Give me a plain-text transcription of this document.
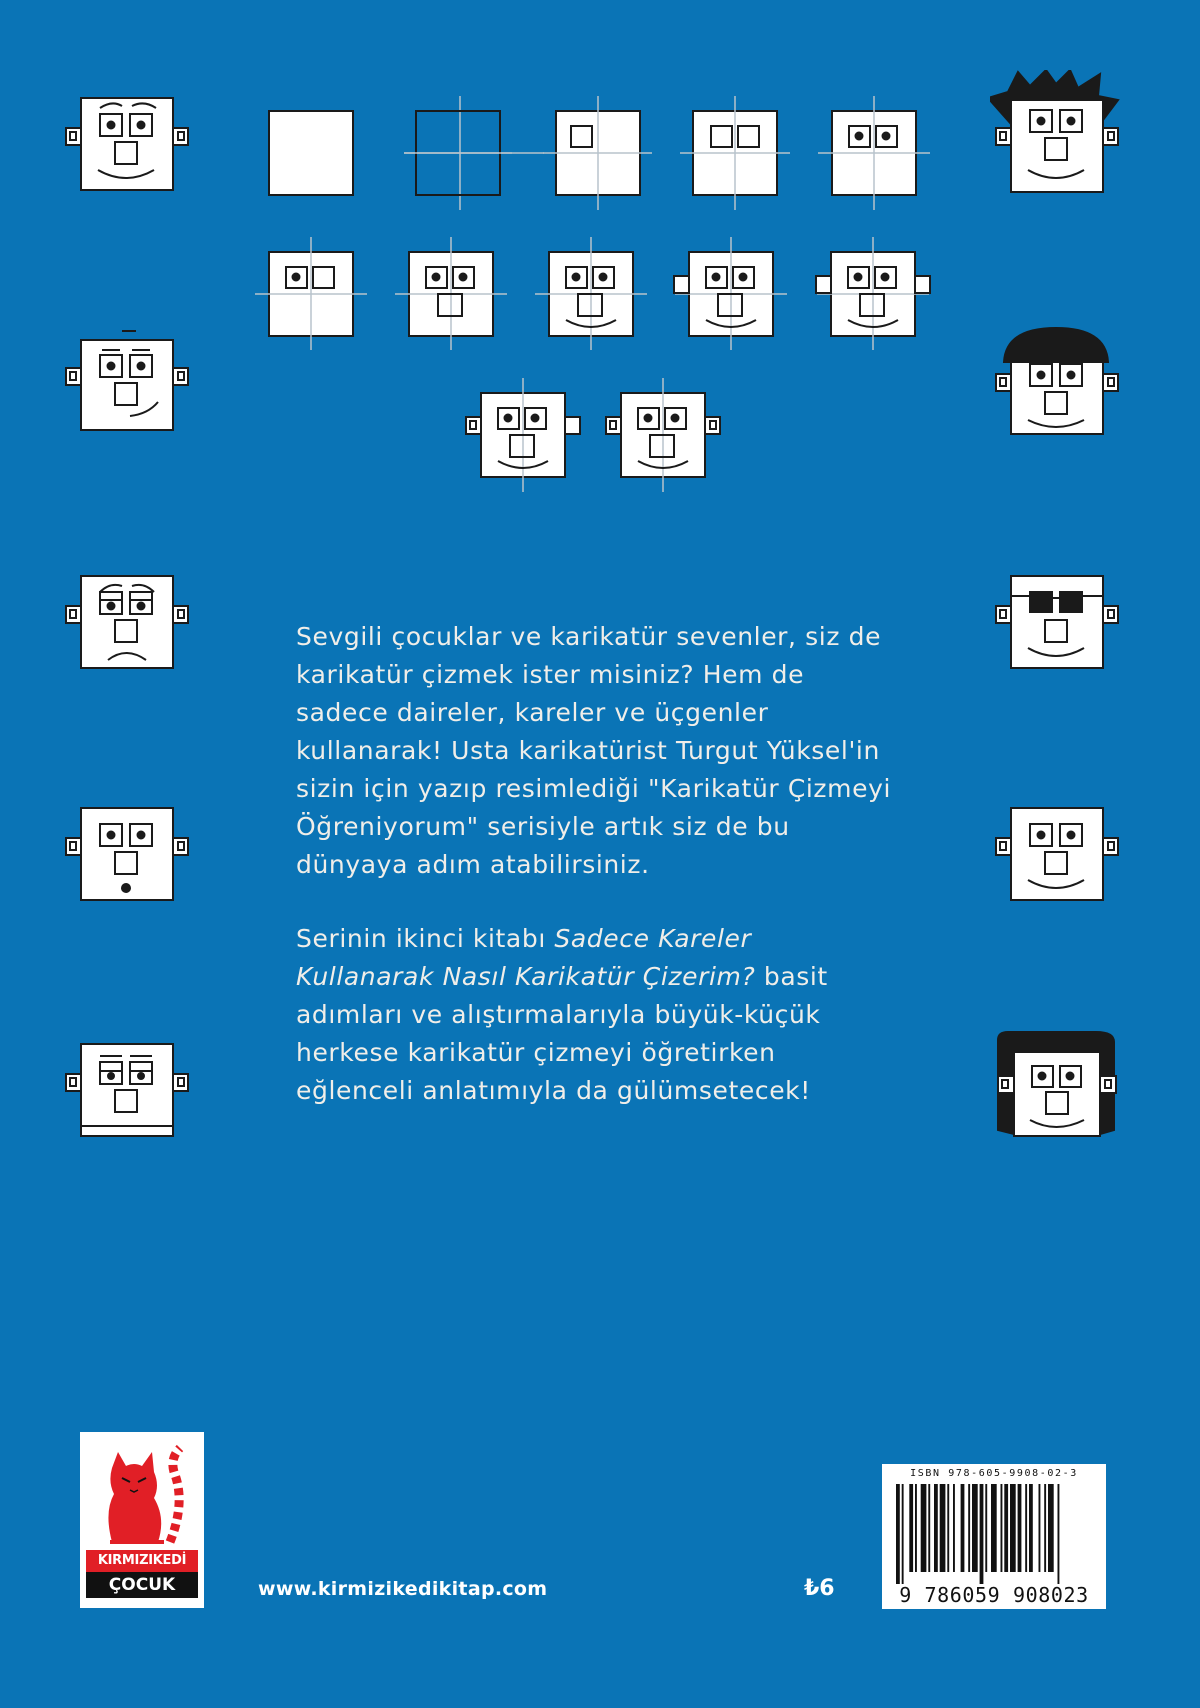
Sevgili çocuklar ve karikatür sevenler, siz de karikatür çizmek ister misiniz? Hem de sadece daireler, kareler ve üçgenler kullanarak! Usta karikatürist Turgut Yüksel'in sizin için yazıp resimlediği "Karikatür Çizmeyi Öğreniyorum" serisiyle artık siz de bu dünyaya adım atabilirsiniz.

Serinin ikinci kitabı Sadece Kareler Kullanarak Nasıl Karikatür Çizerim? basit adımları ve alıştırmalarıyla büyük-küçük herkese karikatür çizmeyi öğretirken eğlenceli anlatımıyla da gülümsetecek!

KIRMIZIKEDİ
ÇOCUK	www.kirmizikedikitap.com	₺6
ISBN 978-605-9908-02-3
9 786059 908023
